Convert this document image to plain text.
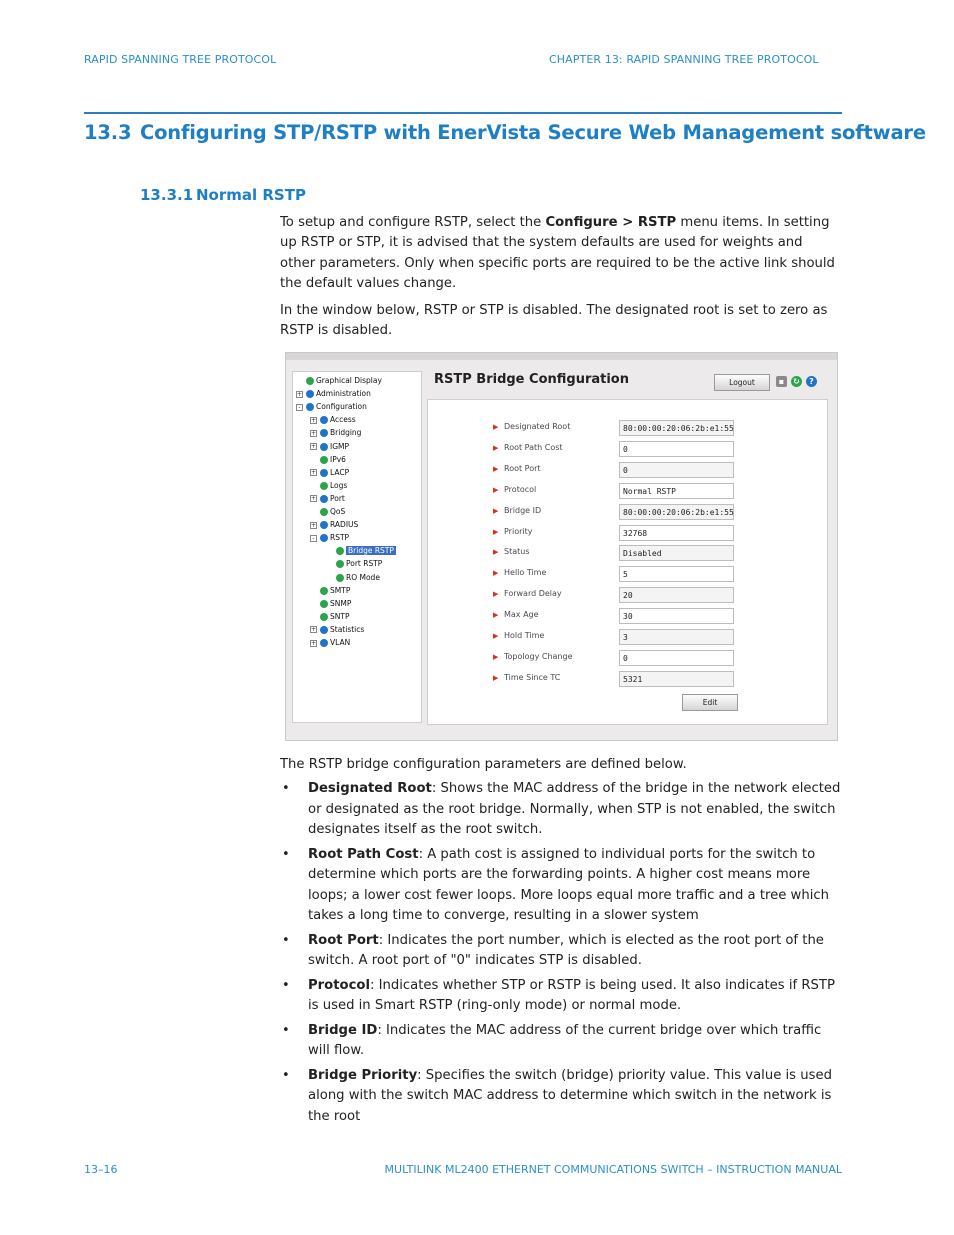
RAPID SPANNING TREE PROTOCOL	CHAPTER 13: RAPID SPANNING TREE PROTOCOL
13.3 Configuring STP/RSTP with EnerVista Secure Web Management software
13.3.1 Normal RSTP
To setup and configure RSTP, select the Configure > RSTP menu items. In setting up RSTP or STP, it is advised that the system defaults are used for weights and other parameters. Only when specific ports are required to be the active link should the default values change.
In the window below, RSTP or STP is disabled. The designated root is set to zero as RSTP is disabled.
Graphical Display
+ Administration
- Configuration
+ Access
+ Bridging
+ IGMP
IPv6
+ LACP
Logs
+ Port
QoS
+ RADIUS
- RSTP
Bridge RSTP
Port RSTP
RO Mode
SMTP
SNMP
SNTP
+ Statistics
+ VLAN
RSTP Bridge Configuration	Logout	▪	↻	?
▶ Designated Root	80:00:00:20:06:2b:e1:55
▶ Root Path Cost	0
▶ Root Port	0
▶ Protocol	Normal RSTP
▶ Bridge ID	80:00:00:20:06:2b:e1:55
▶ Priority	32768
▶ Status	Disabled
▶ Hello Time	5
▶ Forward Delay	20
▶ Max Age	30
▶ Hold Time	3
▶ Topology Change	0
▶ Time Since TC	5321
Edit
The RSTP bridge configuration parameters are defined below.
• Designated Root: Shows the MAC address of the bridge in the network elected or designated as the root bridge. Normally, when STP is not enabled, the switch designates itself as the root switch.
• Root Path Cost: A path cost is assigned to individual ports for the switch to determine which ports are the forwarding points. A higher cost means more loops; a lower cost fewer loops. More loops equal more traffic and a tree which takes a long time to converge, resulting in a slower system
• Root Port: Indicates the port number, which is elected as the root port of the switch. A root port of "0" indicates STP is disabled.
• Protocol: Indicates whether STP or RSTP is being used. It also indicates if RSTP is used in Smart RSTP (ring-only mode) or normal mode.
• Bridge ID: Indicates the MAC address of the current bridge over which traffic will flow.
• Bridge Priority: Specifies the switch (bridge) priority value. This value is used along with the switch MAC address to determine which switch in the network is the root
13–16	MULTILINK ML2400 ETHERNET COMMUNICATIONS SWITCH – INSTRUCTION MANUAL
